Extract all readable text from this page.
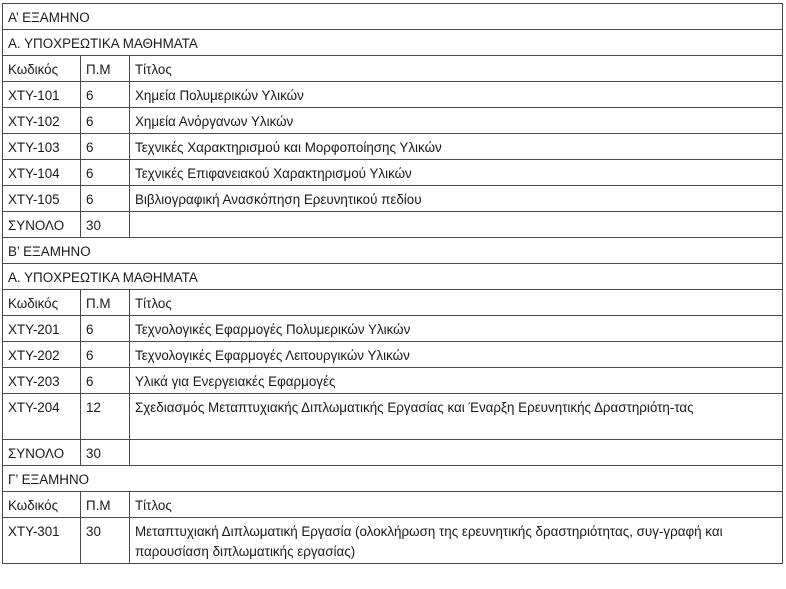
Α’ ΕΞΑΜΗΝΟ		
Α. ΥΠΟΧΡΕΩΤΙΚΑ ΜΑΘΗΜΑΤΑ		
Κωδικός	Π.Μ	Τίτλος
ΧΤΥ-101	6	Χημεία Πολυμερικών Υλικών
ΧΤΥ-102	6	Χημεία Ανόργανων Υλικών
ΧΤΥ-103	6	Τεχνικές Χαρακτηρισμού και Μορφοποίησης Υλικών
ΧΤΥ-104	6	Τεχνικές Επιφανειακού Χαρακτηρισμού Υλικών
ΧΤΥ-105	6	Βιβλιογραφική Ανασκόπηση Ερευνητικού πεδίου
ΣΥΝΟΛΟ	30	
Β’ ΕΞΑΜΗΝΟ		
Α. ΥΠΟΧΡΕΩΤΙΚΑ ΜΑΘΗΜΑΤΑ		
Κωδικός	Π.Μ	Τίτλος
ΧΤΥ-201	6	Τεχνολογικές Εφαρμογές Πολυμερικών Υλικών
ΧΤΥ-202	6	Τεχνολογικές Εφαρμογές Λειτουργικών Υλικών
ΧΤΥ-203	6	Υλικά για Ενεργειακές Εφαρμογές
ΧΤΥ-204	12	Σχεδιασμός Μεταπτυχιακής Διπλωματικής Εργασίας και Έναρξη Ερευνητικής Δραστηριότη-τας
ΣΥΝΟΛΟ	30	
Γ’ ΕΞΑΜΗΝΟ		
Κωδικός	Π.Μ	Τίτλος
ΧΤΥ-301	30	Μεταπτυχιακή Διπλωματική Εργασία (ολοκλήρωση της ερευνητικής δραστηριότητας, συγ-γραφή και παρουσίαση διπλωματικής εργασίας)
